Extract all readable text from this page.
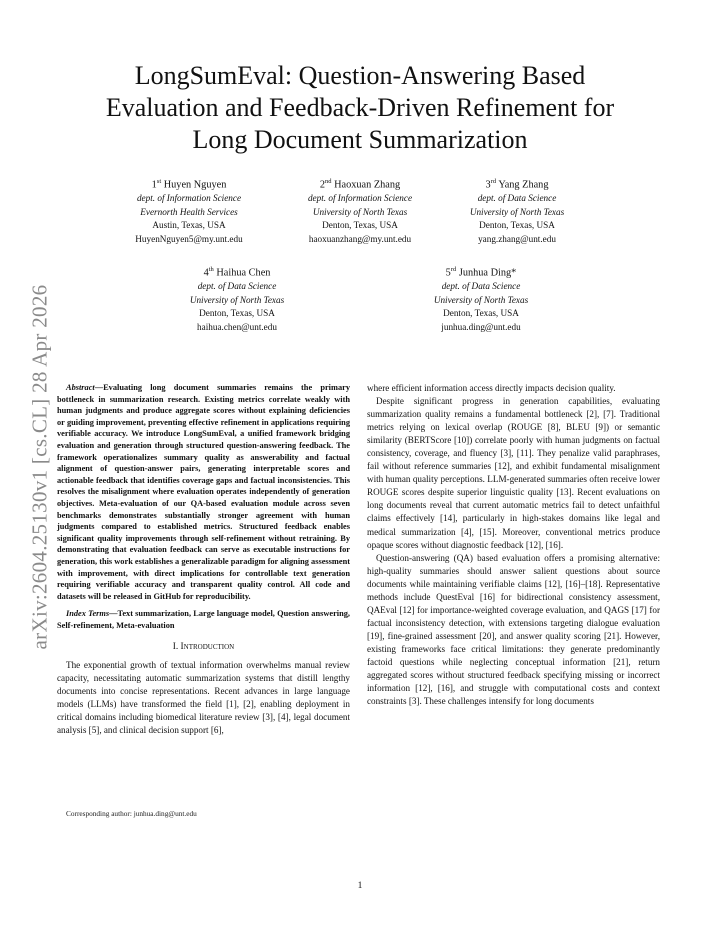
arXiv:2604.25130v1 [cs.CL] 28 Apr 2026
LongSumEval: Question-Answering Based
Evaluation and Feedback-Driven Refinement for
Long Document Summarization
1st Huyen Nguyen
dept. of Information Science
Evernorth Health Services
Austin, Texas, USA
HuyenNguyen5@my.unt.edu
2nd Haoxuan Zhang
dept. of Information Science
University of North Texas
Denton, Texas, USA
haoxuanzhang@my.unt.edu
3rd Yang Zhang
dept. of Data Science
University of North Texas
Denton, Texas, USA
yang.zhang@unt.edu
4th Haihua Chen
dept. of Data Science
University of North Texas
Denton, Texas, USA
haihua.chen@unt.edu
5rd Junhua Ding*
dept. of Data Science
University of North Texas
Denton, Texas, USA
junhua.ding@unt.edu

Abstract—Evaluating long document summaries remains the primary bottleneck in summarization research. Existing metrics correlate weakly with human judgments and produce aggregate scores without explaining deficiencies or guiding improvement, preventing effective refinement in applications requiring verifiable accuracy. We introduce LongSumEval, a unified framework bridging evaluation and generation through structured question-answering feedback. The framework operationalizes summary quality as answerability and factual alignment of question-answer pairs, generating interpretable scores and actionable feedback that identifies coverage gaps and factual inconsistencies. This resolves the misalignment where evaluation operates independently of generation objectives. Meta-evaluation of our QA-based evaluation module across seven benchmarks demonstrates substantially stronger agreement with human judgments compared to established metrics. Structured feedback enables significant quality improvements through self-refinement without retraining. By demonstrating that evaluation feedback can serve as executable instructions for generation, this work establishes a generalizable paradigm for aligning assessment with improvement, with direct implications for controllable text generation requiring verifiable accuracy and transparent quality control. All code and datasets will be released in GitHub for reproducibility.

Index Terms—Text summarization, Large language model, Question answering, Self-refinement, Meta-evaluation

I. Introduction

The exponential growth of textual information overwhelms manual review capacity, necessitating automatic summarization systems that distill lengthy documents into concise representations. Recent advances in large language models (LLMs) have transformed the field [1], [2], enabling deployment in critical domains including biomedical literature review [3], [4], legal document analysis [5], and clinical decision support [6],

Corresponding author: junhua.ding@unt.edu

where efficient information access directly impacts decision quality.

Despite significant progress in generation capabilities, evaluating summarization quality remains a fundamental bottleneck [2], [7]. Traditional metrics relying on lexical overlap (ROUGE [8], BLEU [9]) or semantic similarity (BERTScore [10]) correlate poorly with human judgments on factual consistency, coverage, and fluency [3], [11]. They penalize valid paraphrases, fail without reference summaries [12], and exhibit fundamental misalignment with human quality perceptions. LLM-generated summaries often receive lower ROUGE scores despite superior linguistic quality [13]. Recent evaluations on long documents reveal that current automatic metrics fail to detect unfaithful claims effectively [14], particularly in high-stakes domains like legal and medical summarization [4], [15]. Moreover, conventional metrics produce opaque scores without diagnostic feedback [12], [16].

Question-answering (QA) based evaluation offers a promising alternative: high-quality summaries should answer salient questions about source documents while maintaining verifiable claims [12], [16]–[18]. Representative methods include QuestEval [16] for bidirectional consistency assessment, QAEval [12] for importance-weighted coverage evaluation, and QAGS [17] for factual inconsistency detection, with extensions targeting dialogue evaluation [19], fine-grained assessment [20], and answer quality scoring [21]. However, existing frameworks face critical limitations: they generate predominantly factoid questions while neglecting conceptual information [21], return aggregated scores without structured feedback specifying missing or incorrect information [12], [16], and struggle with computational costs and context constraints [3]. These challenges intensify for long documents

1
